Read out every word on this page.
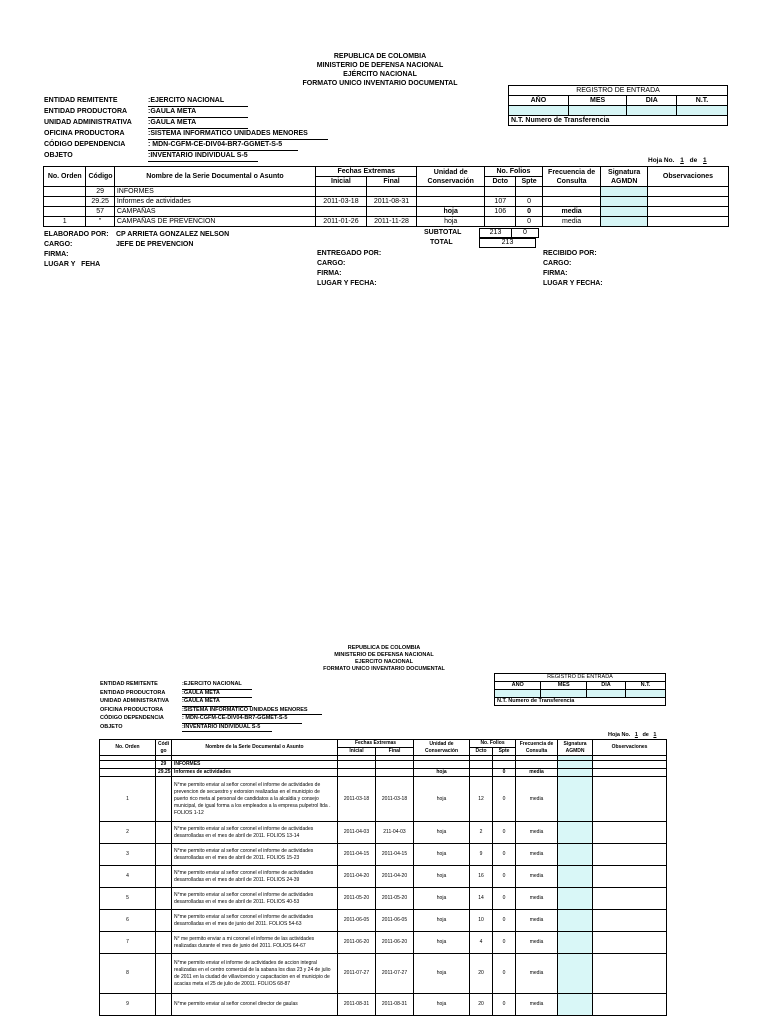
REPUBLICA DE COLOMBIA
MINISTERIO DE DEFENSA NACIONAL
EJÉRCITO NACIONAL
FORMATO UNICO INVENTARIO DOCUMENTAL
REGISTRO DE ENTRADA			
AÑO	MES	DIA	N.T.

N.T. Numero de Transferencia			
ENTIDAD REMITENTE	:EJERCITO NACIONAL
ENTIDAD PRODUCTORA	:GAULA META
UNIDAD ADMINISTRATIVA	:GAULA META
OFICINA PRODUCTORA	:SISTEMA INFORMATICO UNIDADES MENORES
CÓDIGO DEPENDENCIA	: MDN-CGFM-CE-DIV04-BR7-GGMET-S-5
OBJETO	:INVENTARIO INDIVIDUAL S-5
Hoja No. 1 de 1
No. Orden	Código	Nombre de la Serie Documental o Asunto	Fechas Extremas		Unidad de Conservación	No. Folios		Frecuencia de Consulta	Signatura AGMDN	Observaciones
			Inicial	Final		Dcto	Spte			
	29	INFORMES								
	29.25	Informes de actividades	2011-03-18	2011-08-31		107	0			
	57	CAMPAÑAS			hoja	106	0	media		
1	"	CAMPAÑAS DE PREVENCION	2011-01-26	2011-11-28	hoja		0	media		
ELABORADO POR:	CP ARRIETA GONZALEZ NELSON
CARGO:	JEFE DE PREVENCION
FIRMA:
LUGAR Y   FEHA
SUBTOTAL	213	0
TOTAL	213
ENTREGADO POR:
CARGO:
FIRMA:
LUGAR Y FECHA:
RECIBIDO POR:
CARGO:
FIRMA:
LUGAR Y FECHA:
REPUBLICA DE COLOMBIA
MINISTERIO DE DEFENSA NACIONAL
EJERCITO NACIONAL
FORMATO UNICO INVENTARIO DOCUMENTAL
REGISTRO DE ENTRADA			
AÑO	MES	DIA	N.T.

N.T. Numero de Transferencia			
ENTIDAD REMITENTE	:EJERCITO NACIONAL
ENTIDAD PRODUCTORA	:GAULA META
UNIDAD ADMINISTRATIVA	:GAULA META
OFICINA PRODUCTORA	:SISTEMA INFORMATICO UNIDADES MENORES
CÓDIGO DEPENDENCIA	: MDN-CGFM-CE-DIV04-BR7-GGMET-S-5
OBJETO	:INVENTARIO INDIVIDUAL S-5
Hoja No. 1 de 1
No. Orden	Códi go	Nombre de la Serie Documental o Asunto	Fechas Extremas		Unidad de Conservación	No. Folios		Frecuencia de Consulta	Signatura AGMDN	Observaciones
			Inicial	Final		Dcto	Spte			

	29	INFORMES								
	29.25	Informes de actividades			hoja		0	media		
1		N°me permito enviar al señor coronel el informe de actividades de prevencion de secuestro y extorsion realizadas en el municipio de puerto rico meta al personal de candidatos a la alcaldia y consejo municipal, de igual forma a los empleados a la empresa pulpetrol ltda . FOLIOS 1-12	2011-03-18	2011-03-18	hoja	12	0	media		
2		N°me permito enviar al señor coronel el informe de actividades desarrolladas en el mes de abril de 2011. FOLIOS 13-14	2011-04-03	211-04-03	hoja	2	0	media		
3		N°me permito enviar al señor coronel el informe de actividades desarrolladas en el mes de abril de 2011. FOLIOS 15-23	2011-04-15	2011-04-15	hoja	9	0	media		
4		N°me permito enviar al señor coronel el informe de actividades desarrolladas en el mes de abril de 2011. FOLIOS 24-39	2011-04-20	2011-04-20	hoja	16	0	media		
5		N°me permito enviar al señor coronel el informe de actividades desarrolladas en el mes de abril de 2011. FOLIOS 40-53	2011-05-20	2011-05-20	hoja	14	0	media		
6		N°me permito enviar al señor coronel el informe de actividades desarrolladas en el mes de junio del 2011. FOLIOS 54-63	2011-06-05	2011-06-05	hoja	10	0	media		
7		N° me permito enviar a mi coronel el informe de las actividades realizadas durante el mes de junio del 2011. FOLIOS 64-67	2011-06-20	2011-06-20	hoja	4	0	media		
8		N°me permito enviar el informe de actividades de accion integral realizadas en el centro comercial de la sabana los dias 23 y 24 de julio de 2011 en la ciudad de villavicencio y capacitacion en el municipio de acacias meta el 25 de julio de 20011. FOLIOS 68-87	2011-07-27	2011-07-27	hoja	20	0	media		
9		N°me permito enviar al señor coronel director de gaulas	2011-08-31	2011-08-31	hoja	20	0	media		
